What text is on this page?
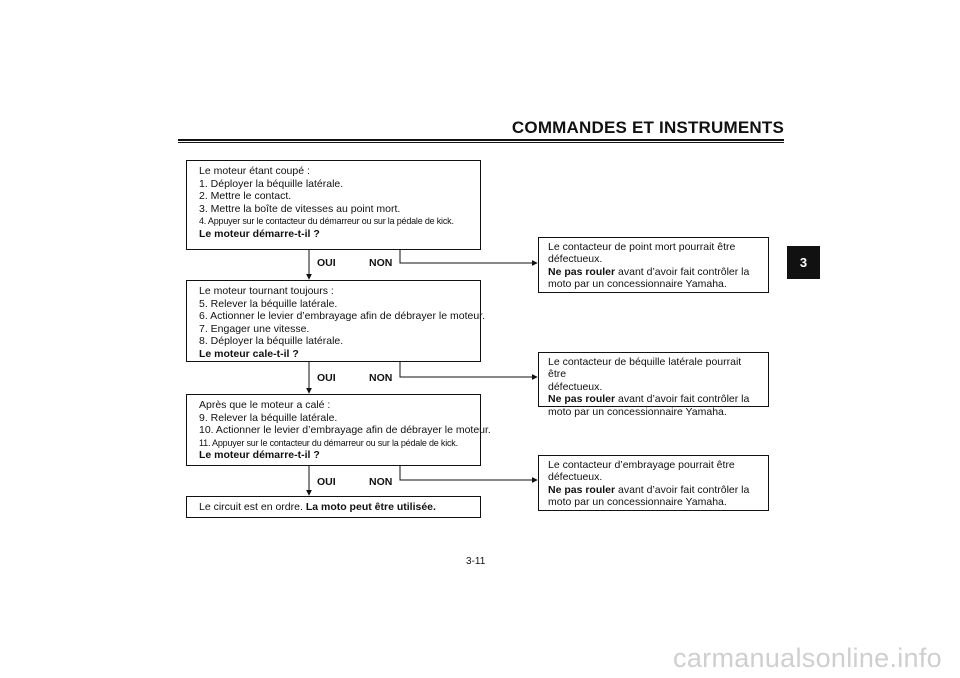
COMMANDES ET INSTRUMENTS
3
Le moteur étant coupé :
1. Déployer la béquille latérale.
2. Mettre le contact.
3. Mettre la boîte de vitesses au point mort.
4. Appuyer sur le contacteur du démarreur ou sur la pédale de kick.
Le moteur démarre-t-il ?
Le moteur tournant toujours :
5. Relever la béquille latérale.
6. Actionner le levier d’embrayage afin de débrayer le moteur.
7. Engager une vitesse.
8. Déployer la béquille latérale.
Le moteur cale-t-il ?
Après que le moteur a calé :
9. Relever la béquille latérale.
10. Actionner le levier d’embrayage afin de débrayer le moteur.
11. Appuyer sur le contacteur du démarreur ou sur la pédale de kick.
Le moteur démarre-t-il ?
Le circuit est en ordre. La moto peut être utilisée.
OUI	NON
OUI	NON
OUI	NON
Le contacteur de point mort pourrait être
défectueux.
Ne pas rouler avant d’avoir fait contrôler la
moto par un concessionnaire Yamaha.
Le contacteur de béquille latérale pourrait être
défectueux.
Ne pas rouler avant d’avoir fait contrôler la
moto par un concessionnaire Yamaha.
Le contacteur d’embrayage pourrait être
défectueux.
Ne pas rouler avant d’avoir fait contrôler la
moto par un concessionnaire Yamaha.
3-11
carmanualsonline.info
